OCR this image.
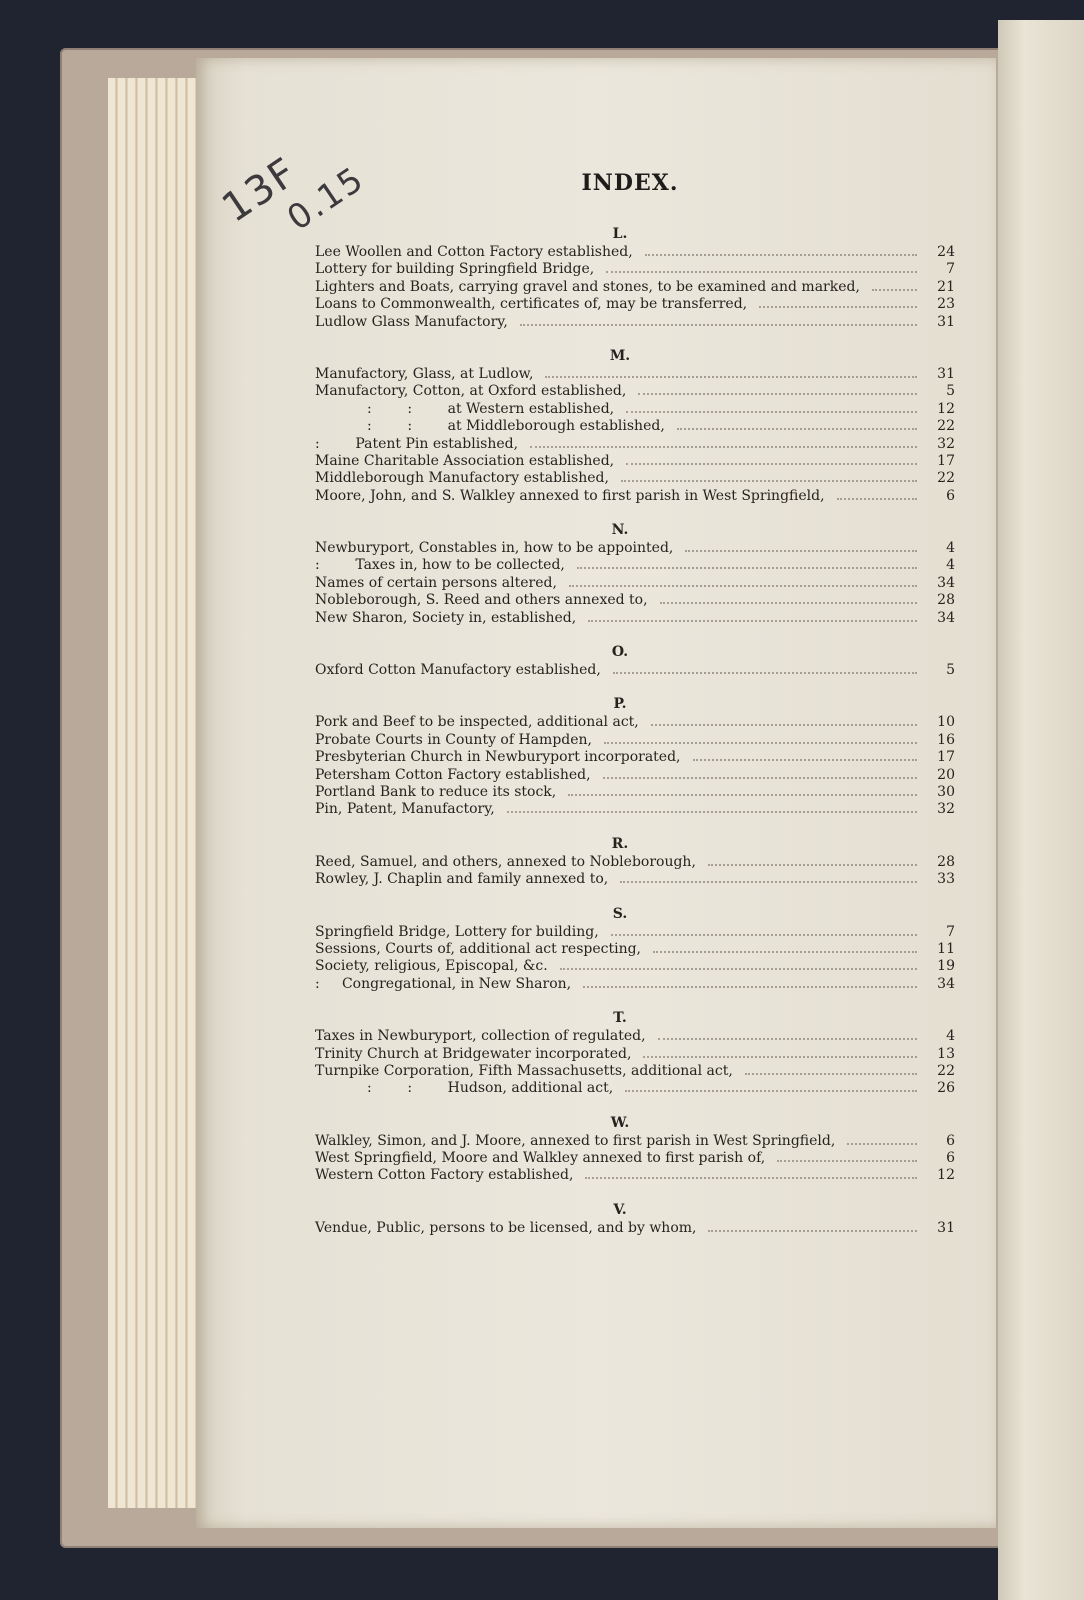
13F
0.15	INDEX.
L.
Lee Woollen and Cotton Factory established,	24
Lottery for building Springfield Bridge,	7
Lighters and Boats, carrying gravel and stones, to be examined and marked,	21
Loans to Commonwealth, certificates of, may be transferred,	23
Ludlow Glass Manufactory,	31
M.
Manufactory, Glass, at Ludlow,	31
Manufactory, Cotton, at Oxford established,	5
:        :        at Western established,	12
:        :        at Middleborough established,	22
:        Patent Pin established,	32
Maine Charitable Association established,	17
Middleborough Manufactory established,	22
Moore, John, and S. Walkley annexed to first parish in West Springfield,	6
N.
Newburyport, Constables in, how to be appointed,	4
:        Taxes in, how to be collected,	4
Names of certain persons altered,	34
Nobleborough, S. Reed and others annexed to,	28
New Sharon, Society in, established,	34
O.
Oxford Cotton Manufactory established,	5
P.
Pork and Beef to be inspected, additional act,	10
Probate Courts in County of Hampden,	16
Presbyterian Church in Newburyport incorporated,	17
Petersham Cotton Factory established,	20
Portland Bank to reduce its stock,	30
Pin, Patent, Manufactory,	32
R.
Reed, Samuel, and others, annexed to Nobleborough,	28
Rowley, J. Chaplin and family annexed to,	33
S.
Springfield Bridge, Lottery for building,	7
Sessions, Courts of, additional act respecting,	11
Society, religious, Episcopal, &c.	19
:     Congregational, in New Sharon,	34
T.
Taxes in Newburyport, collection of regulated,	4
Trinity Church at Bridgewater incorporated,	13
Turnpike Corporation, Fifth Massachusetts, additional act,	22
:        :        Hudson, additional act,	26
W.
Walkley, Simon, and J. Moore, annexed to first parish in West Springfield,	6
West Springfield, Moore and Walkley annexed to first parish of,	6
Western Cotton Factory established,	12
V.
Vendue, Public, persons to be licensed, and by whom,	31
